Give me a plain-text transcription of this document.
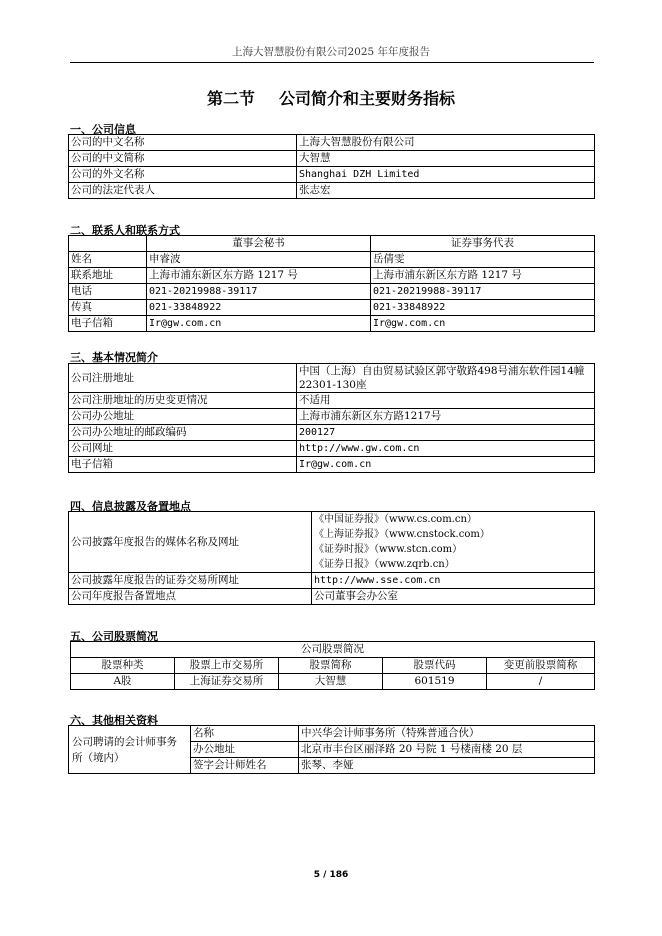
上海大智慧股份有限公司2025 年年度报告
第二节 公司简介和主要财务指标
一、公司信息
公司的中文名称	上海大智慧股份有限公司
公司的中文简称	大智慧
公司的外文名称	Shanghai DZH Limited
公司的法定代表人	张志宏
二、联系人和联系方式
	董事会秘书	证券事务代表
姓名	申睿波	岳倩雯
联系地址	上海市浦东新区东方路 1217 号	上海市浦东新区东方路 1217 号
电话	021-20219988-39117	021-20219988-39117
传真	021-33848922	021-33848922
电子信箱	Ir@gw.com.cn	Ir@gw.com.cn
三、基本情况简介
公司注册地址	中国（上海）自由贸易试验区郭守敬路498号浦东软件园14幢22301-130座
公司注册地址的历史变更情况	不适用
公司办公地址	上海市浦东新区东方路1217号
公司办公地址的邮政编码	200127
公司网址	http://www.gw.com.cn
电子信箱	Ir@gw.com.cn
四、信息披露及备置地点
公司披露年度报告的媒体名称及网址	《中国证券报》（www.cs.com.cn）
《上海证券报》（www.cnstock.com）
《证券时报》（www.stcn.com）
《证券日报》（www.zqrb.cn）

公司披露年度报告的证券交易所网址	http://www.sse.com.cn
公司年度报告备置地点	公司董事会办公室
五、公司股票简况
公司股票简况				
股票种类	股票上市交易所	股票简称	股票代码	变更前股票简称
A股	上海证券交易所	大智慧	601519	/
六、其他相关资料
公司聘请的会计师事务所（境内）	名称	中兴华会计师事务所（特殊普通合伙）
	办公地址	北京市丰台区丽泽路 20 号院 1 号楼南楼 20 层
	签字会计师姓名	张琴、李娅
5 / 186
